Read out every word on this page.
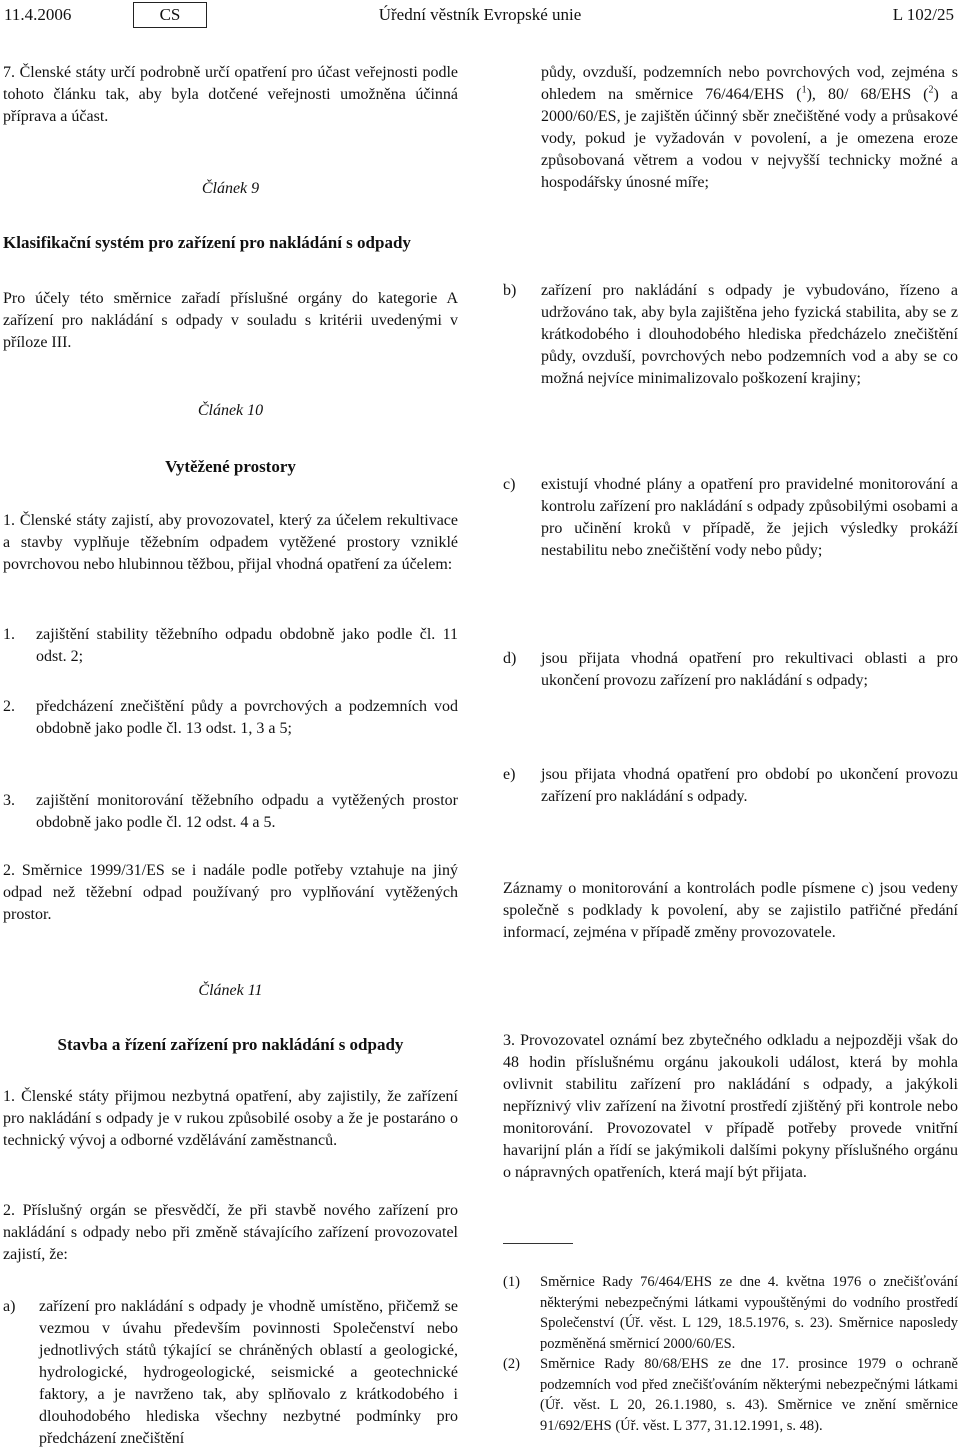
11.4.2006	Úřední věstník Evropské unie
CS	L 102/25

7. Členské státy určí podrobně určí opatření pro účast veřejnosti podle tohoto článku tak, aby byla dotčené veřejnosti umožněna účinná příprava a účast.

Článek 9
Klasifikační systém pro zařízení pro nakládání s odpady

Pro účely této směrnice zařadí příslušné orgány do kategorie A zařízení pro nakládání s odpady v souladu s kritérii uvedenými v příloze III.

Článek 10
Vytěžené prostory

1. Členské státy zajistí, aby provozovatel, který za účelem rekultivace a stavby vyplňuje těžebním odpadem vytěžené prostory vzniklé povrchovou nebo hlubinnou těžbou, přijal vhodná opatření za účelem:

1.	zajištění stability těžebního odpadu obdobně jako podle čl. 11 odst. 2;
2.	předcházení znečištění půdy a povrchových a podzemních vod obdobně jako podle čl. 13 odst. 1, 3 a 5;
3.	zajištění monitorování těžebního odpadu a vytěžených prostor obdobně jako podle čl. 12 odst. 4 a 5.

2. Směrnice 1999/31/ES se i nadále podle potřeby vztahuje na jiný odpad než těžební odpad používaný pro vyplňování vytěžených prostor.

Článek 11
Stavba a řízení zařízení pro nakládání s odpady

1. Členské státy přijmou nezbytná opatření, aby zajistily, že zařízení pro nakládání s odpady je v rukou způsobilé osoby a že je postaráno o technický vývoj a odborné vzdělávání zaměstnanců.

2. Příslušný orgán se přesvědčí, že při stavbě nového zařízení pro nakládání s odpady nebo při změně stávajícího zařízení provozovatel zajistí, že:

a)	zařízení pro nakládání s odpady je vhodně umístěno, přičemž se vezmou v úvahu především povinnosti Společenství nebo jednotlivých států týkající se chráněných oblastí a geologické, hydrologické, hydrogeologické, seismické a geotechnické faktory, a je navrženo tak, aby splňovalo z krátkodobého i dlouhodobého hlediska všechny nezbytné podmínky pro předcházení znečištění

půdy, ovzduší, podzemních nebo povrchových vod, zejména s ohledem na směrnice 76/464/EHS ($^1$), 80/ 68/EHS ($^2$) a 2000/60/ES, je zajištěn účinný sběr znečištěné vody a průsakové vody, pokud je vyžadován v povolení, a je omezena eroze způsobovaná větrem a vodou v nejvyšší technicky možné a hospodářsky únosné míře;

b)	zařízení pro nakládání s odpady je vybudováno, řízeno a udržováno tak, aby byla zajištěna jeho fyzická stabilita, aby se z krátkodobého i dlouhodobého hlediska předcházelo znečištění půdy, ovzduší, povrchových nebo podzemních vod a aby se co možná nejvíce minimalizovalo poškození krajiny;
c)	existují vhodné plány a opatření pro pravidelné monitorování a kontrolu zařízení pro nakládání s odpady způsobilými osobami a pro učinění kroků v případě, že jejich výsledky prokáží nestabilitu nebo znečištění vody nebo půdy;
d)	jsou přijata vhodná opatření pro rekultivaci oblasti a pro ukončení provozu zařízení pro nakládání s odpady;
e)	jsou přijata vhodná opatření pro období po ukončení provozu zařízení pro nakládání s odpady.

Záznamy o monitorování a kontrolách podle písmene c) jsou vedeny společně s podklady k povolení, aby se zajistilo patřičné předání informací, zejména v případě změny provozovatele.

3. Provozovatel oznámí bez zbytečného odkladu a nejpozději však do 48 hodin příslušnému orgánu jakoukoli událost, která by mohla ovlivnit stabilitu zařízení pro nakládání s odpady, a jakýkoli nepříznivý vliv zařízení na životní prostředí zjištěný při kontrole nebo monitorování. Provozovatel v případě potřeby provede vnitřní havarijní plán a řídí se jakýmikoli dalšími pokyny příslušného orgánu o nápravných opatřeních, která mají být přijata.

(1)	Směrnice Rady 76/464/EHS ze dne 4. května 1976 o znečišťování některými nebezpečnými látkami vypouštěnými do vodního prostředí Společenství (Úř. věst. L 129, 18.5.1976, s. 23). Směrnice naposledy pozměněná směrnicí 2000/60/ES.
(2)	Směrnice Rady 80/68/EHS ze dne 17. prosince 1979 o ochraně podzemních vod před znečišťováním některými nebezpečnými látkami (Úř. věst. L 20, 26.1.1980, s. 43). Směrnice ve znění směrnice 91/692/EHS (Úř. věst. L 377, 31.12.1991, s. 48).
